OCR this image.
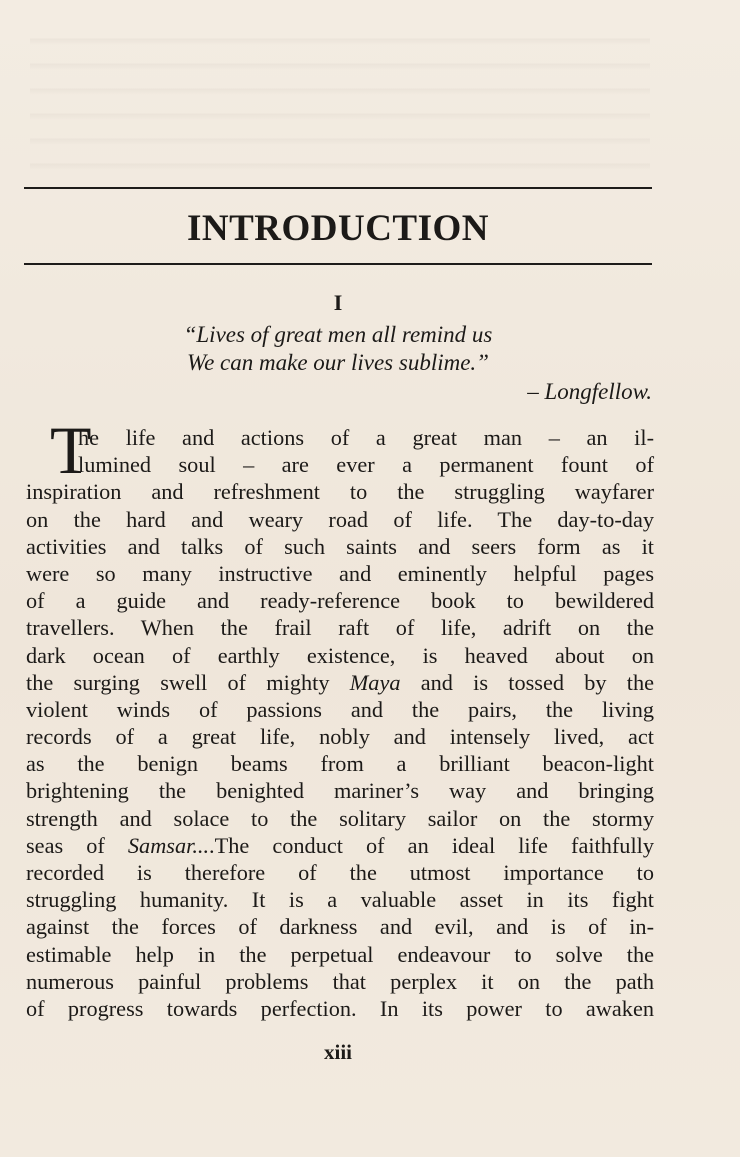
INTRODUCTION
I
“Lives of great men all remind us
We can make our lives sublime.”
– Longfellow.
T
he life and actions of a great man – an il-
lumined soul – are ever a permanent fount of
inspiration and refreshment to the struggling wayfarer
on the hard and weary road of life. The day-to-day
activities and talks of such saints and seers form as it
were so many instructive and eminently helpful pages
of a guide and ready-reference book to bewildered
travellers. When the frail raft of life, adrift on the
dark ocean of earthly existence, is heaved about on
the surging swell of mighty Maya and is tossed by the
violent winds of passions and the pairs, the living
records of a great life, nobly and intensely lived, act
as the benign beams from a brilliant beacon-light
brightening the benighted mariner’s way and bringing
strength and solace to the solitary sailor on the stormy
seas of Samsar....The conduct of an ideal life faithfully
recorded is therefore of the utmost importance to
struggling humanity. It is a valuable asset in its fight
against the forces of darkness and evil, and is of in-
estimable help in the perpetual endeavour to solve the
numerous painful problems that perplex it on the path
of progress towards perfection. In its power to awaken
xiii
